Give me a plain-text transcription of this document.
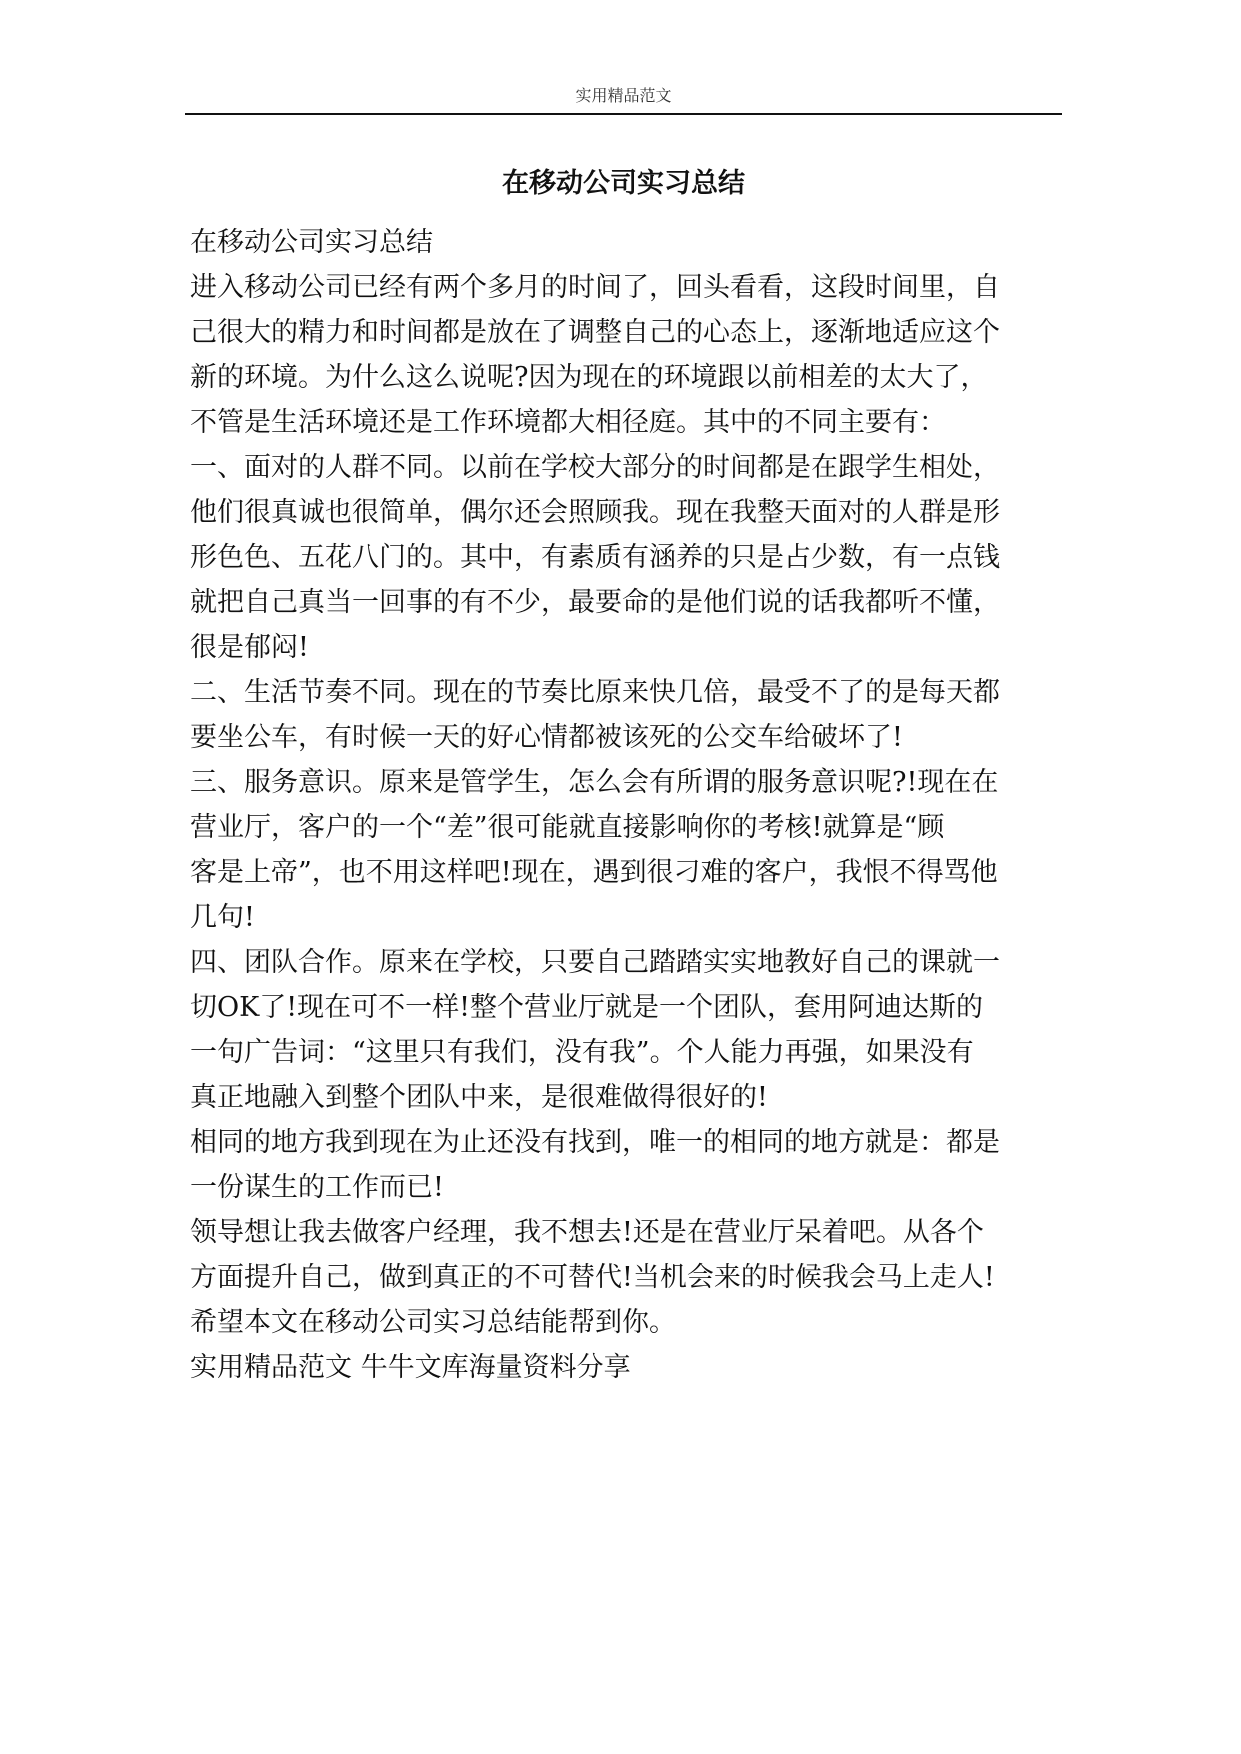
实用精品范文
在移动公司实习总结
在移动公司实习总结
进入移动公司已经有两个多月的时间了，回头看看，这段时间里，自
己很大的精力和时间都是放在了调整自己的心态上，逐渐地适应这个
新的环境。为什么这么说呢?因为现在的环境跟以前相差的太大了，
不管是生活环境还是工作环境都大相径庭。其中的不同主要有：
一、面对的人群不同。以前在学校大部分的时间都是在跟学生相处，
他们很真诚也很简单，偶尔还会照顾我。现在我整天面对的人群是形
形色色、五花八门的。其中，有素质有涵养的只是占少数，有一点钱
就把自己真当一回事的有不少，最要命的是他们说的话我都听不懂，
很是郁闷!
二、生活节奏不同。现在的节奏比原来快几倍，最受不了的是每天都
要坐公车，有时候一天的好心情都被该死的公交车给破坏了!
三、服务意识。原来是管学生，怎么会有所谓的服务意识呢?!现在在
营业厅，客户的一个“差”很可能就直接影响你的考核!就算是“顾
客是上帝”，也不用这样吧!现在，遇到很刁难的客户，我恨不得骂他
几句!
四、团队合作。原来在学校，只要自己踏踏实实地教好自己的课就一
切OK了!现在可不一样!整个营业厅就是一个团队，套用阿迪达斯的
一句广告词：“这里只有我们，没有我”。个人能力再强，如果没有
真正地融入到整个团队中来，是很难做得很好的!
相同的地方我到现在为止还没有找到，唯一的相同的地方就是：都是
一份谋生的工作而已!
领导想让我去做客户经理，我不想去!还是在营业厅呆着吧。从各个
方面提升自己，做到真正的不可替代!当机会来的时候我会马上走人!
希望本文在移动公司实习总结能帮到你。
实用精品范文 牛牛文库海量资料分享
